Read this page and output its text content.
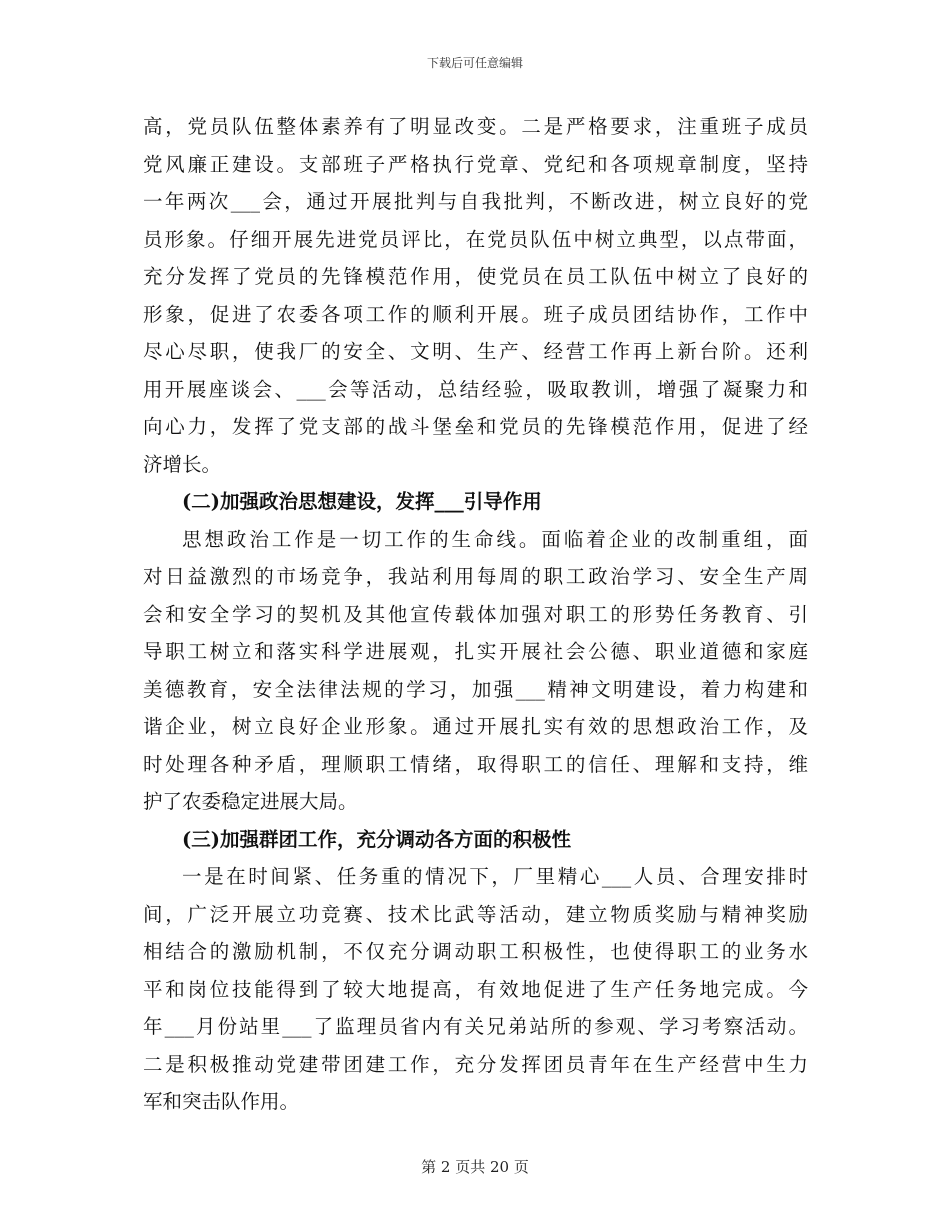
下载后可任意编辑
高，党员队伍整体素养有了明显改变。二是严格要求，注重班子成员
党风廉正建设。支部班子严格执行党章、党纪和各项规章制度，坚持
一年两次___会，通过开展批判与自我批判，不断改进，树立良好的党
员形象。仔细开展先进党员评比，在党员队伍中树立典型，以点带面，
充分发挥了党员的先锋模范作用，使党员在员工队伍中树立了良好的
形象，促进了农委各项工作的顺利开展。班子成员团结协作，工作中
尽心尽职，使我厂的安全、文明、生产、经营工作再上新台阶。还利
用开展座谈会、___会等活动，总结经验，吸取教训，增强了凝聚力和
向心力，发挥了党支部的战斗堡垒和党员的先锋模范作用，促进了经
济增长。
(二)加强政治思想建设，发挥___引导作用
思想政治工作是一切工作的生命线。面临着企业的改制重组，面
对日益激烈的市场竞争，我站利用每周的职工政治学习、安全生产周
会和安全学习的契机及其他宣传载体加强对职工的形势任务教育、引
导职工树立和落实科学进展观，扎实开展社会公德、职业道德和家庭
美德教育，安全法律法规的学习，加强___精神文明建设，着力构建和
谐企业，树立良好企业形象。通过开展扎实有效的思想政治工作，及
时处理各种矛盾，理顺职工情绪，取得职工的信任、理解和支持，维
护了农委稳定进展大局。
(三)加强群团工作，充分调动各方面的积极性
一是在时间紧、任务重的情况下，厂里精心___人员、合理安排时
间，广泛开展立功竞赛、技术比武等活动，建立物质奖励与精神奖励
相结合的激励机制，不仅充分调动职工积极性，也使得职工的业务水
平和岗位技能得到了较大地提高，有效地促进了生产任务地完成。今
年___月份站里___了监理员省内有关兄弟站所的参观、学习考察活动。
二是积极推动党建带团建工作，充分发挥团员青年在生产经营中生力
军和突击队作用。
第 2 页共 20 页
